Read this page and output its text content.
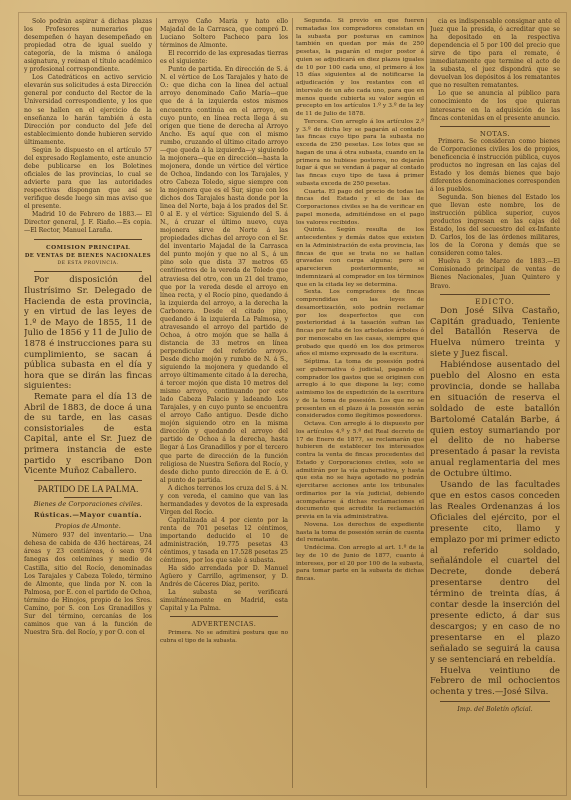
Solo podrán aspirar á dichas plazas los Profesores numerarios que desempeñen ó hayan desempeñado en propiedad otra de igual sueldo y categoría, de la misma ó análoga asignatura, y reúnan el título académico y profesional correspondiente.

Los Catedráticos en activo servicio elevarán sus solicitudes á esta Dirección general por conducto del Rector de la Universidad correspondiente, y los que no se hallen en el ejercicio de la enseñanza lo harán también á esta Dirección por conducto del Jefe del establecimiento donde hubieren servido últimamente.

Según lo dispuesto en el artículo 57 del expresado Reglamento, este anuncio debe publicarse en los Boletines oficiales de las provincias, lo cual se advierte para que las autoridades respectivas dispongan que así se verifique desde luego sin mas aviso que el presente.

Madrid 10 de Febrero de 1883.— El Director general, J. F. Riaño.—Es copia.—El Rector, Manuel Laraña.

COMISION PRINCIPAL

DE VENTAS DE BIENES NACIONALES

DE ESTA PROVINCIA.

Por disposición del Ilustrísimo Sr. Delegado de Hacienda de esta provincia, y en virtud de las leyes de 1.º de Mayo de 1855, 11 de Julio de 1856 y 11 de Julio de 1878 é instrucciones para su cumplimiento, se sacan á pública subasta en el día y hora que se dirán las fincas siguientes:

Remate para el día 13 de Abril de 1883, de doce á una de su tarde, en las casas consistoriales de esta Capital, ante el Sr. Juez de primera instancia de este partido y escribano Don Vicente Muñoz Caballero.

PARTIDO DE LA PALMA.

Bienes de Corporaciones civiles.

Rústicas.—Mayor cuantía.

Propios de Almonte.

Número 937 del inventario.— Una dehesa de cabida de 436 hectáreas, 24 áreas y 23 centiáreas, ó sean 974 fanegas dos celemines y medio de Castilla, sitio del Rocío, denominadas Los Tarajales y Cabeza Toledo, término de Almonte, que linda por N. con la Palmosa, por E. con el partido de Ochoa, término de Hinojos, propio de los Sres. Camino, por S. con Los Granadillos y Sur del término, cercanías de los caminos que van á la función de Nuestra Sra. del Rocío, y por O. con el

arroyo Caño María y hato ello Majadal de la Carrasca, que compró D. Luciano Soltero Pacheco para los términos de Almonte.

El recorrido de las expresadas tierras es el siguiente:

Punto de partida. En dirección de S. á N. el vértice de Los Tarajales y hato de O.: que dicha con la linea del actual arroyo denominado Caño María—que que de á la izquierda estos mismos encuentra continúa en el arroyo, en cuyo punto, en línea recta llega á su origen que tiene de derecha al Arroyo Ancho. Es aquí que con el mismo rumbo, cruzando el último citado arroyo—que queda á la izquierda—y siguiendo la mojonera—que en dirección—hasta la mojonera, donde un vértice del vértice de Ochoa, lindando con los Tarajales, y otro Cabeza Toledo, sigue siempre con la mojonera que es el Sur, sigue con los dichos dos Tarajales hasta donde por la linea del Norte, baja á los prados del Sr. 0 al E. y el vértice: Siguiendo del S. á N., á cruzar el último nuevo, cuya mojonera sirve de Norte á las propiedades dichas del arroyo con el Sr. del inventario Majadal de la Carrasca del punto mojón y que no al S., á un pino solo que dista 37 metros 65 centímetros de la vereda de Toledo que atraviesa del otro, con un 21 del tramo, que por la vereda desde el arroyo en línea recta, y el Rocío pino, quedando á la izquierda del arroyo, a la derecha la Carbonera. Desde el citado pino, quedando á la izquierda La Palmosa, y atravesando el arroyo del partido de Ochoa, á otro mojón que se halla á distancia de 33 metros en línea perpendicular del referido arroyo. Desde dicho mojón y rumbo de N. á S., siguiendo la mojonera y quedando el arroyo últimamente citado á la derecha, á tercer mojón que dista 10 metros del mismo arroyo, continuando por este lado Cabeza Palacio y ladeando Los Tarajales, y en cuyo punto se encuentra el arroyo Caño antiguo. Desde dicho mojón siguiendo otro en la misma dirección y quedando el arroyo del partido de Ochoa á la derecha, hasta llegar á Los Granadillos y por el tercero que parte de dirección de la función religiosa de Nuestra Señora del Rocío, y desde dicho punto dirección de E. á O. al punto de partida.

A dichos terrenos los cruza del S. á N. y con vereda, el camino que van las hermandades y devotos de la expresada Virgen del Rocío.

Capitalizada al 4 por ciento por la renta de 701 pesetas 12 céntimos, importando deducido el 10 de administración, 19.775 pesetas 43 céntimos, y tasada en 17.528 pesetas 25 céntimos, por los que sale á subasta.

Ha sido arrendada por D. Manuel Agüero y Carrillo, agrimensor, y D. Andrés de Cáceres Díaz, perito.

La subasta se verificará simultáneamente en Madrid, esta Capital y La Palma.

ADVERTENCIAS.

Primera. No se admitirá postura que no cubra el tipo de la subasta.

Segunda. Si previo en que fueren rematadas los compradores consistan en la subasta por posturas en caminos también en quedan por más de 250 pesetas, la pagarán el mejor postor á quien se adjudicará en diez plazos iguales de 10 por 100 cada uno, el primero á los 15 días siguientes al de notificarse la adjudicación y los restantes con el intervalo de un año cada uno, para que en menos quede cubierta su valor según el precepto en los artículos 1.º y 3.º de la ley de 11 de Julio de 1878.

Tercera. Con arreglo á los artículos 2.º y 3.º de dicha ley se pagarán al contado las fincas cuyo tipo para la subasta no exceda de 250 pesetas. Los lotes que se hagan de una á otra subasta, cuando en la primera no hubiese postores, no dejarán lugar á que se vendan á pagar al contado las fincas cuyo tipo de tasa á primer subasta exceda de 250 pesetas.

Cuarta. El pago del precio de todas las fincas del Estado y el de las de Corporaciones civiles se ha de verificar en papel moneda, admitiéndose en el pago los valores recibidos.

Quinta. Según resulta de los antecedentes y demás datos que existen en la Administración de esta provincia, las fincas de que se trata no se hallan gravadas con carga alguna; pero si aparecieren posteriormente, se indemnizará al comprador en los términos que en la citada ley se determina.

Sexta. Los compradores de fincas comprendidas en las leyes de desamortización, solo podrán reclamar por los desperfectos que con posterioridad á la tasación sufran las fincas por falta de los arbolados árboles ó por menoscabo en las casas, siempre que probado que quedó en los dos primeros años el mismo expresado de la escritura.

Séptima. La toma de posesión podrá ser gubernativa ó judicial, pagando el comprador los gastos que se originen con arreglo á lo que dispone la ley; como asimismo los de expedición de la escritura y de la toma de posesión. Los que no se presenten en el plazo á la posesión serán considerados como ilegítimos poseedores.

Octava. Con arreglo á lo dispuesto por los artículos 4.º y 5.º del Real decreto de 17 de Enero de 1877, se reclamarán que hubieren de establecer los interesados contra la venta de fincas procedentes del Estado y Corporaciones civiles, solo se admitirán por la vía gubernativa, y hasta que esta no se haya agotado no podrán ejercitarse acciones ante los tribunales ordinarios por la vía judicial, debiendo acompañarse á dichas reclamaciones el documento que acredite la reclamación previa en la vía administrativa.

Novena. Los derechos de expediente hasta la toma de posesión serán de cuenta del rematante.

Undécima. Con arreglo al art. 1.º de la ley de 10 de Junio de 1877, cuanto á intereses, por el 20 por 100 de la subasta, para tomar parte en la subasta de dichas fincas.

cia es indispensable consignar ante el Juez que la presida, ó acreditar que se ha depositado en la respectiva dependencia el 5 por 100 del precio que sirve de tipo para el remate, é inmediatamente que termine el acto de la subasta, el juez dispondrá que se devuelvan los depósitos á los rematantes que no resulten rematantes.

Lo que se anuncia al público para conocimiento de los que quieran interesarse en la adquisición de las fincas contenidas en el presente anuncio.

NOTAS.

Primera. Se consideran como bienes de Corporaciones civiles los de propios, beneficencia é instrucción pública, cuyos productos no ingresan en las cajas del Estado y los demás bienes que bajo diferentes denominaciones corresponden á los pueblos.

Segunda. Son bienes del Estado los que llevan este nombre, los de instrucción pública superior, cuyos productos ingresan en las cajas del Estado, los del secuestro del ex-Infante D. Carlos, los de las órdenes militares, los de la Corona y demás que se consideren como tales.

Huelva 3 de Marzo de 1883.—El Comisionado principal de ventas de Bienes Nacionales, Juan Quintero y Bravo.

EDICTO.

Don José Silva Castaño, Capitán graduado, Teniente del Batallón Reserva de Huelva número treinta y siete y Juez fiscal.

Habiéndose ausentado del pueblo del Alosno en esta provincia, donde se hallaba en situación de reserva el soldado de este batallón Bartolomé Catalán Barbe, á quien estoy sumariando por el delito de no haberse presentado á pasar la revista anual reglamentaria del mes de Octubre último.

Usando de las facultades que en estos casos conceden las Reales Ordenanzas á los Oficiales del ejército, por el presente cito, llamo y emplazo por mi primer edicto al referido soldado, señalándole el cuartel del Decrete, donde deberá presentarse dentro del término de treinta días, á contar desde la inserción del presente edicto, á dar sus descargos; y en caso de no presentarse en el plazo señalado se seguirá la causa y se sentenciará en rebeldía.

Huelva veintiuno de Febrero de mil ochocientos ochenta y tres.—José Silva.

Imp. del Boletín oficial.
